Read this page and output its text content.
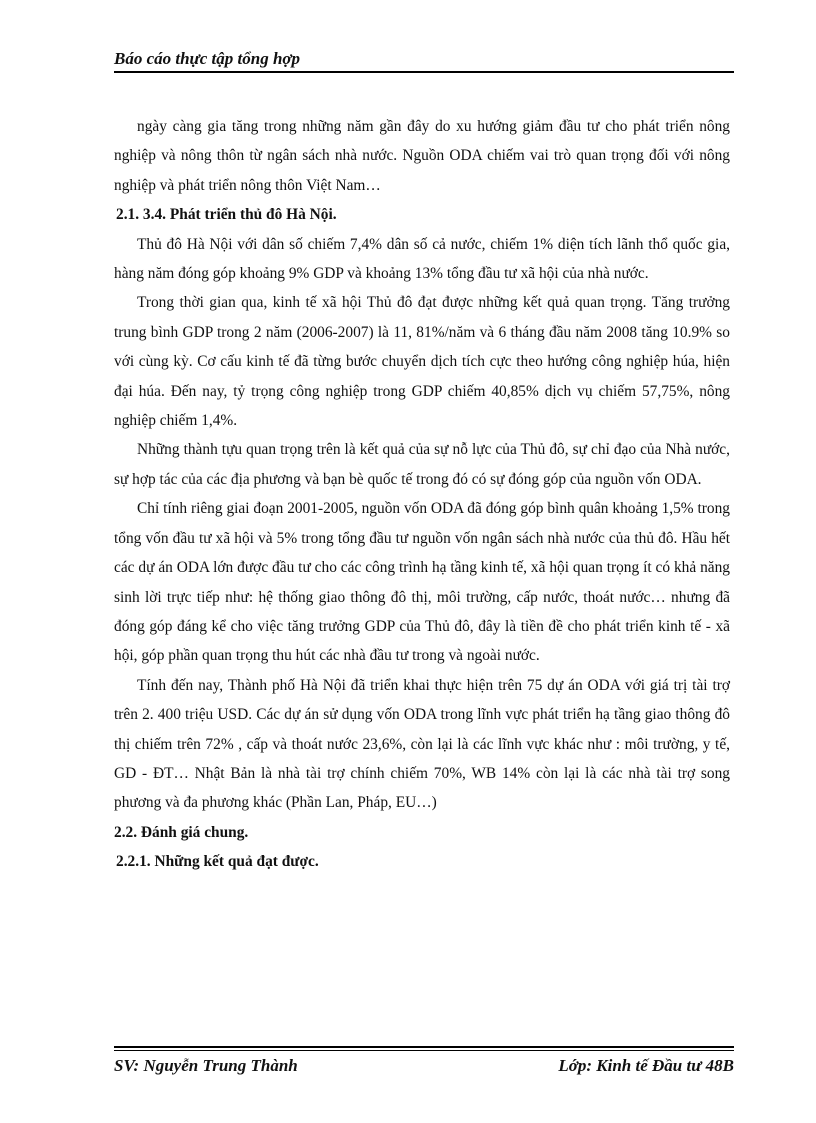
Báo cáo thực tập tổng hợp

ngày càng gia tăng trong những năm gần đây do xu hướng giảm đầu tư cho phát triển nông nghiệp và nông thôn từ ngân sách nhà nước. Nguồn ODA chiếm vai trò quan trọng đối với nông nghiệp và phát triển nông thôn Việt Nam…

2.1. 3.4. Phát triển thủ đô Hà Nội.

Thủ đô Hà Nội với dân số chiếm 7,4% dân số cả nước, chiếm 1% diện tích lãnh thổ quốc gia, hàng năm đóng góp khoảng 9% GDP và khoảng 13% tổng đầu tư xã hội của nhà nước.

Trong thời gian qua, kinh tế xã hội Thủ đô đạt được những kết quả quan trọng. Tăng trưởng trung bình GDP trong 2 năm (2006-2007) là 11, 81%/năm và 6 tháng đầu năm 2008 tăng 10.9% so với cùng kỳ. Cơ cấu kinh tế đã từng bước chuyển dịch tích cực theo hướng công nghiệp húa, hiện đại húa. Đến nay, tỷ trọng công nghiệp trong GDP chiếm 40,85% dịch vụ chiếm 57,75%, nông nghiệp chiếm 1,4%.

Những thành tựu quan trọng trên là kết quả của sự nỗ lực của Thủ đô, sự chỉ đạo của Nhà nước, sự hợp tác của các địa phương và bạn bè quốc tế trong đó có sự đóng góp của nguồn vốn ODA.

Chỉ tính riêng giai đoạn 2001-2005, nguồn vốn ODA đã đóng góp bình quân khoảng 1,5% trong tổng vốn đầu tư xã hội và 5% trong tổng đầu tư nguồn vốn ngân sách nhà nước của thủ đô. Hầu hết các dự án ODA lớn được đầu tư cho các công trình hạ tầng kinh tế, xã hội quan trọng ít có khả năng sinh lời trực tiếp như: hệ thống giao thông đô thị, môi trường, cấp nước, thoát nước… nhưng đã đóng góp đáng kể cho việc tăng trưởng GDP của Thủ đô, đây là tiền đề cho phát triển kinh tế - xã hội, góp phần quan trọng thu hút các nhà đầu tư trong và ngoài nước.

Tính đến nay, Thành phố Hà Nội đã triển khai thực hiện trên 75 dự án ODA với giá trị tài trợ trên 2. 400 triệu USD. Các dự án sử dụng vốn ODA trong lĩnh vực phát triển hạ tầng giao thông đô thị chiếm trên 72% , cấp và thoát nước 23,6%, còn lại là các lĩnh vực khác như : môi trường, y tế, GD - ĐT… Nhật Bản là nhà tài trợ chính chiếm 70%, WB 14% còn lại là các nhà tài trợ song phương và đa phương khác (Phần Lan, Pháp, EU…)

2.2. Đánh giá chung.

2.2.1. Những kết quả đạt được.

SV: Nguyễn Trung Thành	Lớp: Kinh tế Đầu tư 48B
